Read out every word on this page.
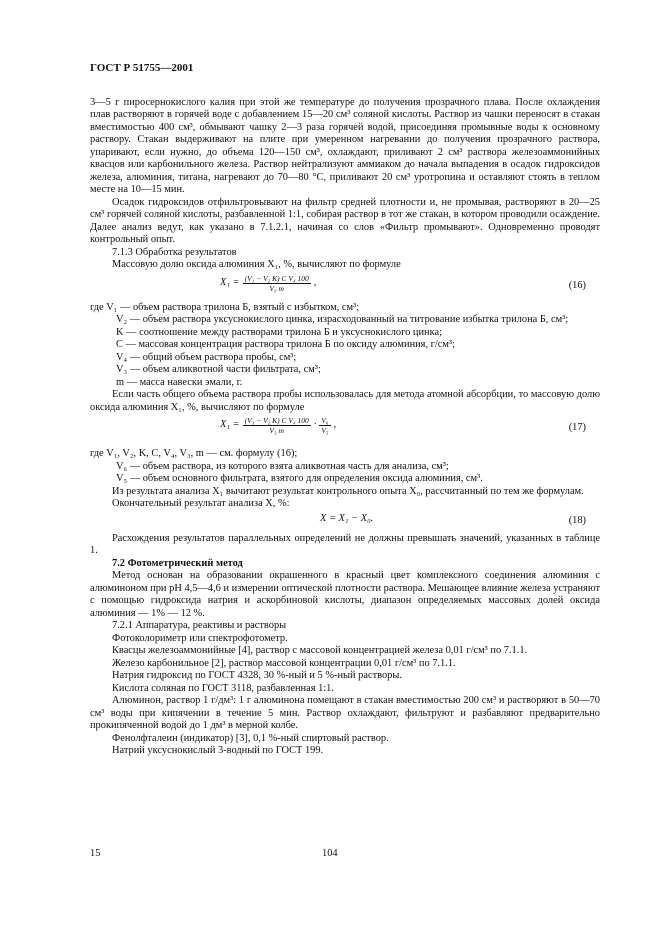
ГОСТ Р 51755—2001

3—5 г пиросернокислого калия при этой же температуре до получения прозрачного плава. После охлаждения плав растворяют в горячей воде с добавлением 15—20 см³ соляной кислоты. Раствор из чашки переносят в стакан вместимостью 400 см³, обмывают чашку 2—3 раза горячей водой, присоединяя промывные воды к основному раствору. Стакан выдерживают на плите при умеренном нагревании до получения прозрачного раствора, упаривают, если нужно, до объема 120—150 см³, охлаждают, приливают 2 см³ раствора железоаммонийных квасцов или карбонильного железа. Раствор нейтрализуют аммиаком до начала выпадения в осадок гидроксидов железа, алюминия, титана, нагревают до 70—80 °С, приливают 20 см³ уротропина и оставляют стоять в теплом месте на 10—15 мин.

Осадок гидроксидов отфильтровывают на фильтр средней плотности и, не промывая, растворяют в 20—25 см³ горячей соляной кислоты, разбавленной 1:1, собирая раствор в тот же стакан, в котором проводили осаждение. Далее анализ ведут, как указано в 7.1.2.1, начиная со слов «Фильтр промывают». Одновременно проводят контрольный опыт.

7.1.3 Обработка результатов

Массовую долю оксида алюминия X₁, %, вычисляют по формуле

$X_1 = \frac{\text{(V₁ − V₂ K) C V₄ 100}}{\text{V₃ m}}$ ,	(16)

где V₁ — объем раствора трилона Б, взятый с избытком, см³;

V₂ — объем раствора уксуснокислого цинка, израсходованный на титрование избытка трилона Б, см³;

K — соотношение между растворами трилона Б и уксуснокислого цинка;

C — массовая концентрация раствора трилона Б по оксиду алюминия, г/см³;

V₄ — общий объем раствора пробы, см³;

V₃ — объем аликвотной части фильтрата, см³;

m — масса навески эмали, г.

Если часть общего объема раствора пробы использовалась для метода атомной абсорбции, то массовую долю оксида алюминия X₁, %, вычисляют по формуле

$X_1 = \frac{\text{(V₁ − V₂ K) C V₄ 100}}{\text{V₃ m}} \cdot \frac{\text{V₆}}{\text{V₅}}$ ,	(17)

где V₁, V₂, K, C, V₄, V₃, m — см. формулу (16);

V₆ — объем раствора, из которого взята аликвотная часть для анализа, см³;

V₅ — объем основного фильтрата, взятого для определения оксида алюминия, см³.

Из результата анализа X₁ вычитают результат контрольного опыта X₀, рассчитанный по тем же формулам.

Окончательный результат анализа X, %:

X = X₁ − X₀.	(18)

Расхождения результатов параллельных определений не должны превышать значений, указанных в таблице 1.

7.2 Фотометрический метод

Метод основан на образовании окрашенного в красный цвет комплексного соединения алюминия с алюминоном при рН 4,5—4,6 и измерении оптической плотности раствора. Мешающее влияние железа устраняют с помощью гидроксида натрия и аскорбиновой кислоты, диапазон определяемых массовых долей оксида алюминия — 1% — 12 %.

7.2.1 Аппаратура, реактивы и растворы

Фотоколориметр или спектрофотометр.

Квасцы железоаммонийные [4], раствор с массовой концентрацией железа 0,01 г/см³ по 7.1.1.

Железо карбонильное [2], раствор массовой концентрации 0,01 г/см³ по 7.1.1.

Натрия гидроксид по ГОСТ 4328, 30 %-ный и 5 %-ный растворы.

Кислота соляная по ГОСТ 3118, разбавленная 1:1.

Алюминон, раствор 1 г/дм³: 1 г алюминона помещают в стакан вместимостью 200 см³ и растворяют в 50—70 см³ воды при кипячении в течение 5 мин. Раствор охлаждают, фильтруют и разбавляют предварительно прокипяченной водой до 1 дм³ в мерной колбе.

Фенолфталеин (индикатор) [3], 0,1 %-ный спиртовый раствор.

Натрий уксуснокислый 3-водный по ГОСТ 199.

15	104
